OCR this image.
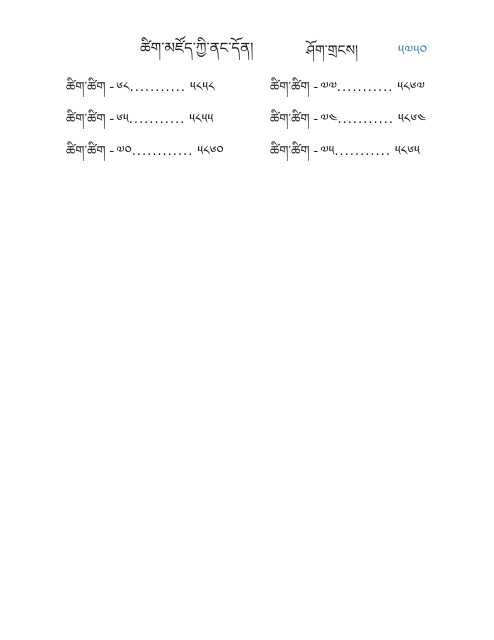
ཚིག་མཛོད་ཀྱི་ནང་དོན།	ཤོག་གྲངས།	༥༧༥༠
ཚིག་ཚིག - ༦༨ ........... ༥༨༥༨	ཚིག་ཚིག - ༧༧ ........... ༥༨༦༧
ཚིག་ཚིག - ༦༥ ........... ༥༨༥༥	ཚིག་ཚིག - ༧༤ ........... ༥༨༦༤
ཚིག་ཚིག - ༧༠ ............ ༥༨༦༠	ཚིག་ཚིག - ༧༥ ........... ༥༨༦༥
